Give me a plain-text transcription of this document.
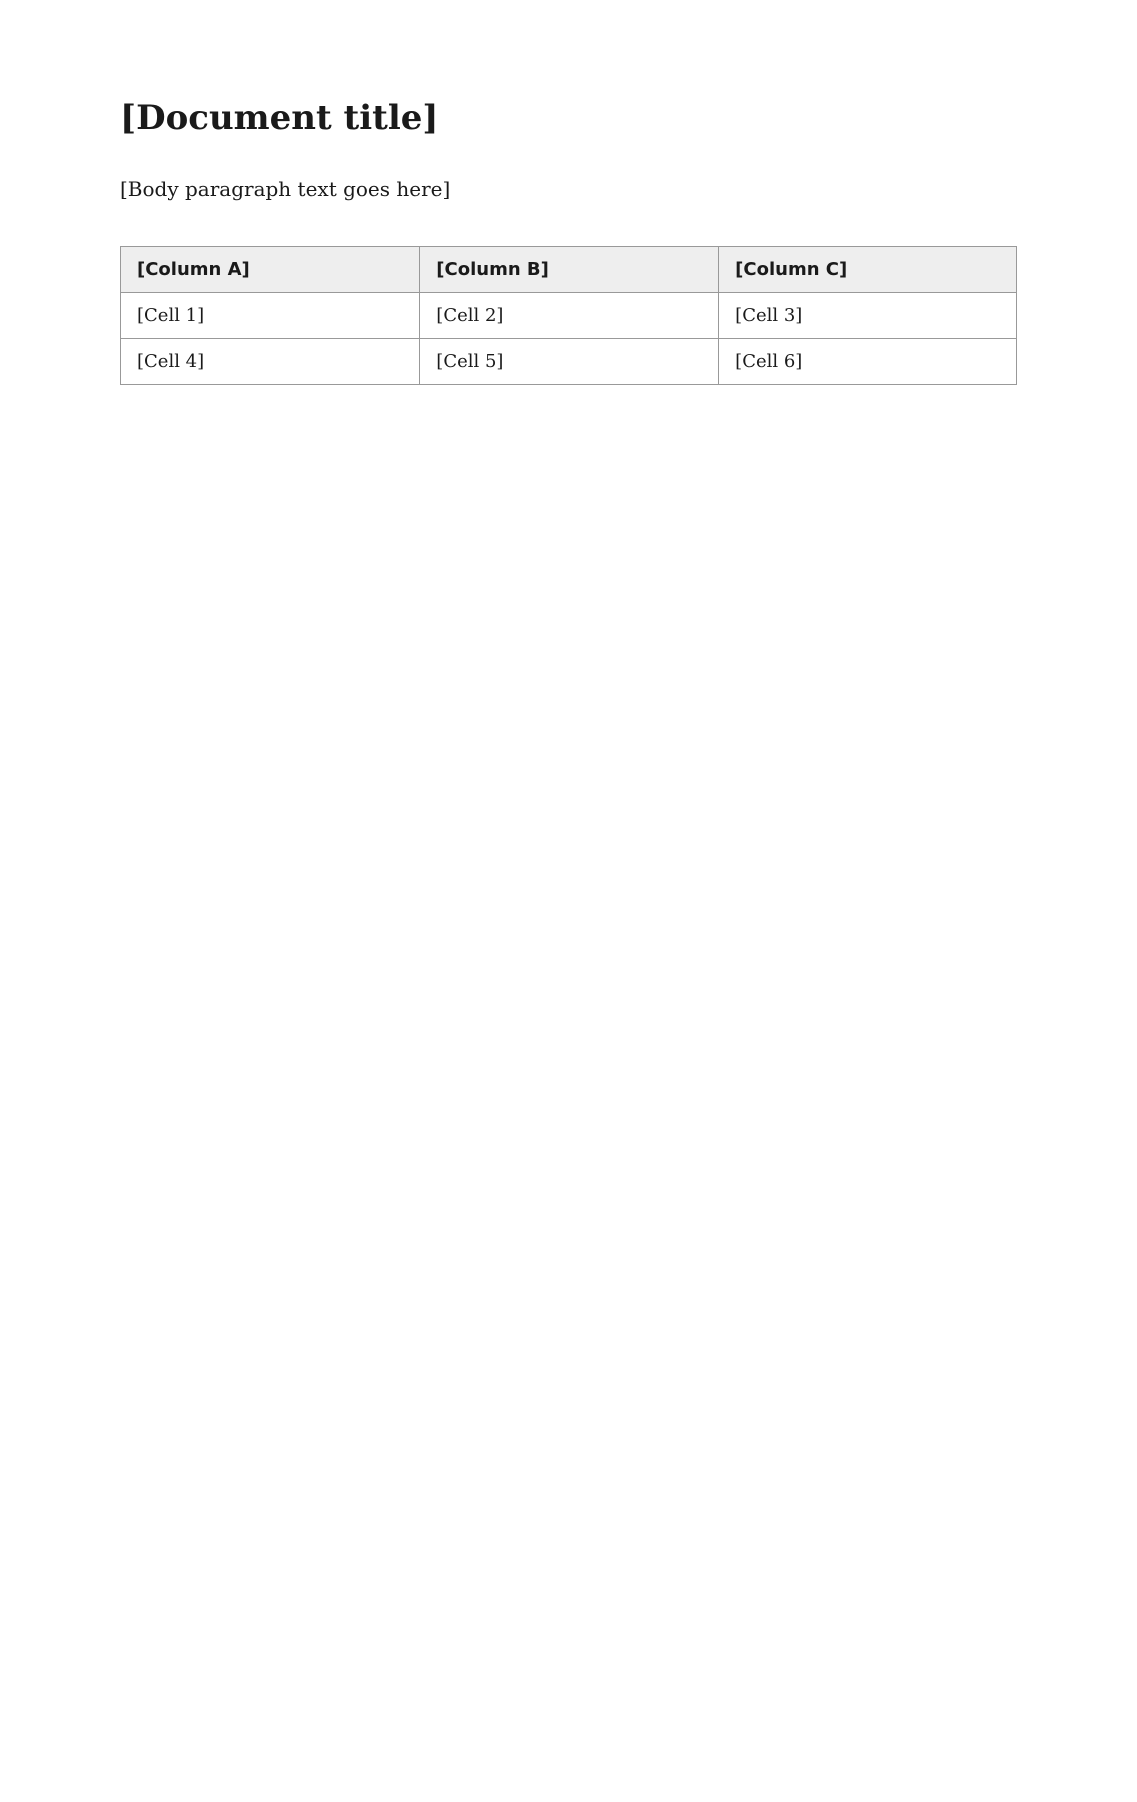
[Document title]

[Body paragraph text goes here]

[Column A]	[Column B]	[Column C]
[Cell 1]	[Cell 2]	[Cell 3]
[Cell 4]	[Cell 5]	[Cell 6]
